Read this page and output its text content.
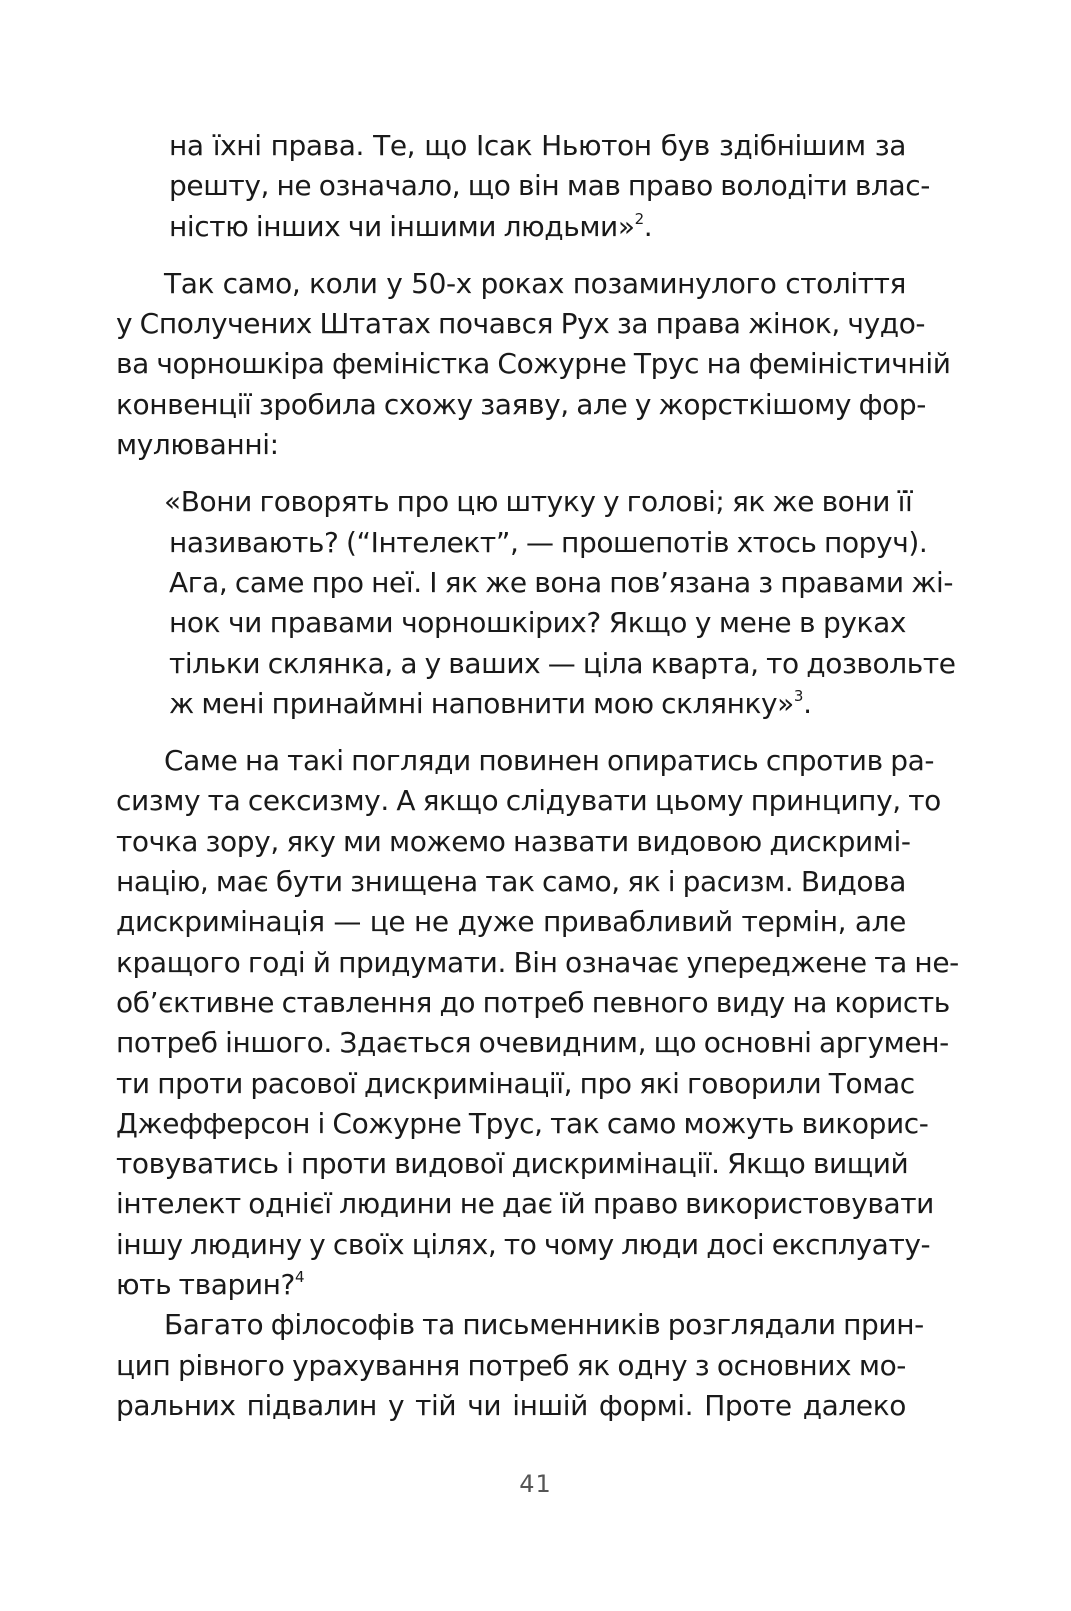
на їхні права. Те, що Ісак Ньютон був здібнішим за
решту, не означало, що він мав право володіти влас-
ністю інших чи іншими людьми»$^2$.
Так само, коли у 50-х роках позаминулого століття
у Сполучених Штатах почався Рух за права жінок, чудо-
ва чорношкіра феміністка Сожурне Трус на феміністичній
конвенції зробила схожу заяву, але у жорсткішому фор-
мулюванні:
«Вони говорять про цю штуку у голові; як же вони її
називають? (“Інтелект”, — прошепотів хтось поруч).
Ага, саме про неї. І як же вона пов’язана з правами жі-
нок чи правами чорношкірих? Якщо у мене в руках
тільки склянка, а у ваших — ціла кварта, то дозвольте
ж мені принаймні наповнити мою склянку»$^3$.
Саме на такі погляди повинен опиратись спротив ра-
сизму та сексизму. А якщо слідувати цьому принципу, то
точка зору, яку ми можемо назвати видовою дискримі-
націю, має бути знищена так само, як і расизм. Видова
дискримінація — це не дуже привабливий термін, але
кращого годі й придумати. Він означає упереджене та не-
об’єктивне ставлення до потреб певного виду на користь
потреб іншого. Здається очевидним, що основні аргумен-
ти проти расової дискримінації, про які говорили Томас
Джефферсон і Сожурне Трус, так само можуть викорис-
товуватись і проти видової дискримінації. Якщо вищий
інтелект однієї людини не дає їй право використовувати
іншу людину у своїх цілях, то чому люди досі експлуату-
ють тварин?$^4$
Багато філософів та письменників розглядали прин-
цип рівного урахування потреб як одну з основних мо-
ральних підвалин у тій чи іншій формі. Проте далеко
41
